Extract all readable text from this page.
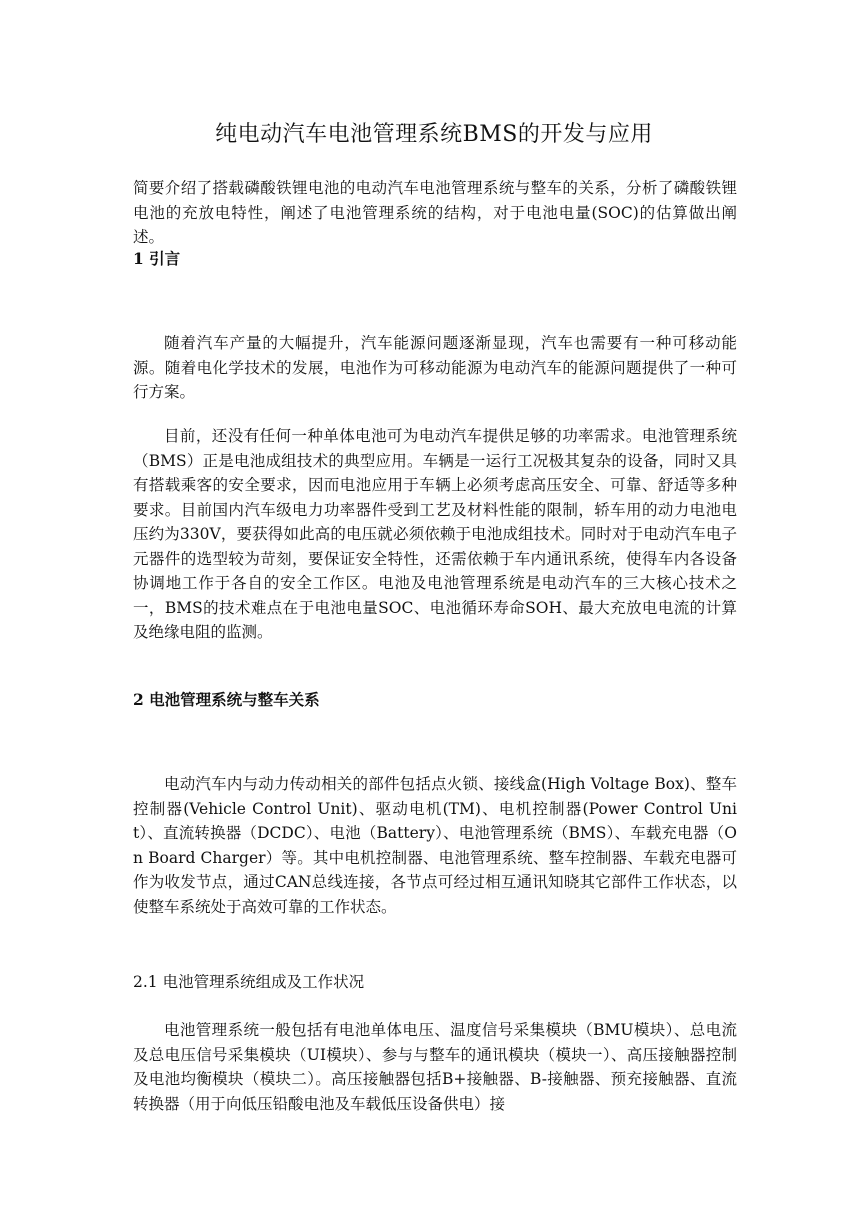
纯电动汽车电池管理系统BMS的开发与应用
简要介绍了搭载磷酸铁锂电池的电动汽车电池管理系统与整车的关系，分析了磷酸铁锂电池的充放电特性，阐述了电池管理系统的结构，对于电池电量(SOC)的估算做出阐述。
1 引言
随着汽车产量的大幅提升，汽车能源问题逐渐显现，汽车也需要有一种可移动能源。随着电化学技术的发展，电池作为可移动能源为电动汽车的能源问题提供了一种可行方案。
目前，还没有任何一种单体电池可为电动汽车提供足够的功率需求。电池管理系统（BMS）正是电池成组技术的典型应用。车辆是一运行工况极其复杂的设备，同时又具有搭载乘客的安全要求，因而电池应用于车辆上必须考虑高压安全、可靠、舒适等多种要求。目前国内汽车级电力功率器件受到工艺及材料性能的限制，轿车用的动力电池电压约为330V，要获得如此高的电压就必须依赖于电池成组技术。同时对于电动汽车电子元器件的选型较为苛刻，要保证安全特性，还需依赖于车内通讯系统，使得车内各设备协调地工作于各自的安全工作区。电池及电池管理系统是电动汽车的三大核心技术之一，BMS的技术难点在于电池电量SOC、电池循环寿命SOH、最大充放电电流的计算及绝缘电阻的监测。
2 电池管理系统与整车关系
电动汽车内与动力传动相关的部件包括点火锁、接线盒(High Voltage Box)、整车控制器(Vehicle Control Unit)、驱动电机(TM)、电机控制器(Power Control Unit）、直流转换器（DCDC）、电池（Battery）、电池管理系统（BMS）、车载充电器（On Board Charger）等。其中电机控制器、电池管理系统、整车控制器、车载充电器可作为收发节点，通过CAN总线连接，各节点可经过相互通讯知晓其它部件工作状态，以使整车系统处于高效可靠的工作状态。
2.1 电池管理系统组成及工作状况
电池管理系统一般包括有电池单体电压、温度信号采集模块（BMU模块）、总电流及总电压信号采集模块（UI模块）、参与与整车的通讯模块（模块一）、高压接触器控制及电池均衡模块（模块二）。高压接触器包括B+接触器、B-接触器、预充接触器、直流转换器（用于向低压铅酸电池及车载低压设备供电）接
